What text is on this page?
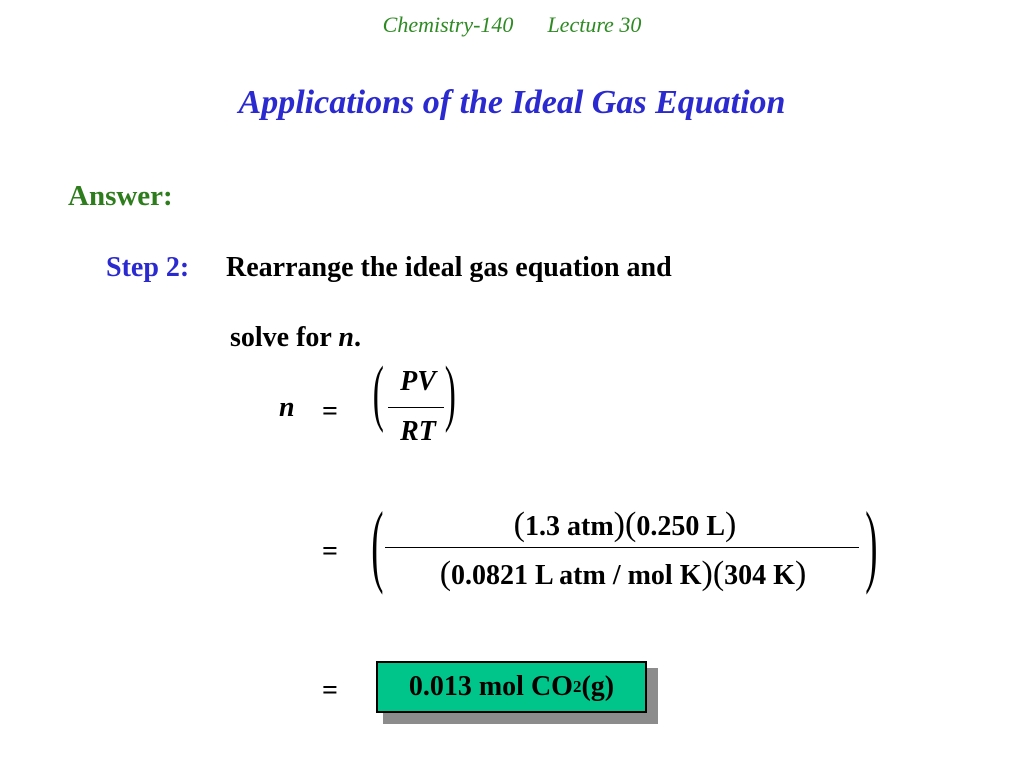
Chemistry-140 Lecture 30
Applications of the Ideal Gas Equation
Answer:
Step 2: Rearrange the ideal gas equation and
solve for n.
n = ( )
PV
RT
= (	)
(1.3 atm)(0.250 L)
(0.0821 L atm / mol K)(304 K)
=	0.013 mol CO 2 (g)
